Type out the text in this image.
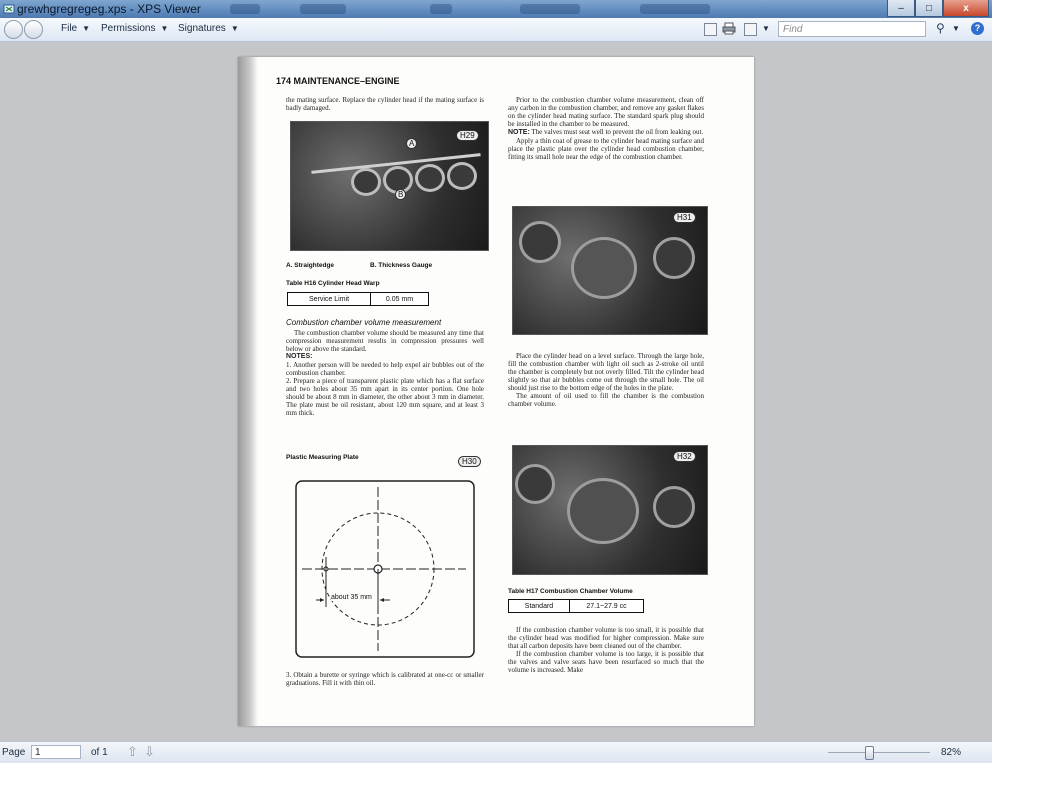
grewhgregregeg.xps - XPS Viewer	–	□	x
File ▼ Permissions ▼ Signatures ▼	▼	Find	⚲ ▼	?
174 MAINTENANCE–ENGINE

the mating surface. Replace the cylinder head if the mating surface is badly damaged.

H29
A
B
A. Straightedge	B. Thickness Gauge
Table H16 Cylinder Head Warp
Service Limit	0.05 mm
Combustion chamber volume measurement

The combustion chamber volume should be measured any time that compression measurement results in compression pressures well below or above the standard.

NOTES:

1. Another person will be needed to help expel air bubbles out of the combustion chamber.

2. Prepare a piece of transparent plastic plate which has a flat surface and two holes about 35 mm apart in its center portion. One hole should be about 8 mm in diameter, the other about 3 mm in diameter. The plate must be oil resistant, about 120 mm square, and at least 3 mm thick.

Plastic Measuring Plate	H30
about 35 mm

3. Obtain a burette or syringe which is calibrated at one-cc or smaller graduations. Fill it with thin oil.

Prior to the combustion chamber volume measurement, clean off any carbon in the combustion chamber, and remove any gasket flakes on the cylinder head mating surface. The standard spark plug should be installed in the chamber to be measured.

NOTE: The valves must seat well to prevent the oil from leaking out.

Apply a thin coat of grease to the cylinder head mating surface and place the plastic plate over the cylinder head combustion chamber, fitting its small hole near the edge of the combustion chamber.

H31

Place the cylinder head on a level surface. Through the large hole, fill the combustion chamber with light oil such as 2-stroke oil until the chamber is completely but not overly filled. Tilt the cylinder head slightly so that air bubbles come out through the small hole. The oil should just rise to the bottom edge of the holes in the plate.

The amount of oil used to fill the chamber is the combustion chamber volume.

H32
Table H17 Combustion Chamber Volume
Standard	27.1~27.9 cc

If the combustion chamber volume is too small, it is possible that the cylinder head was modified for higher compression. Make sure that all carbon deposits have been cleaned out of the chamber.

If the combustion chamber volume is too large, it is possible that the valves and valve seats have been resurfaced so much that the volume is increased. Make

Page 1	of 1 ⇧ ⇩	82%
